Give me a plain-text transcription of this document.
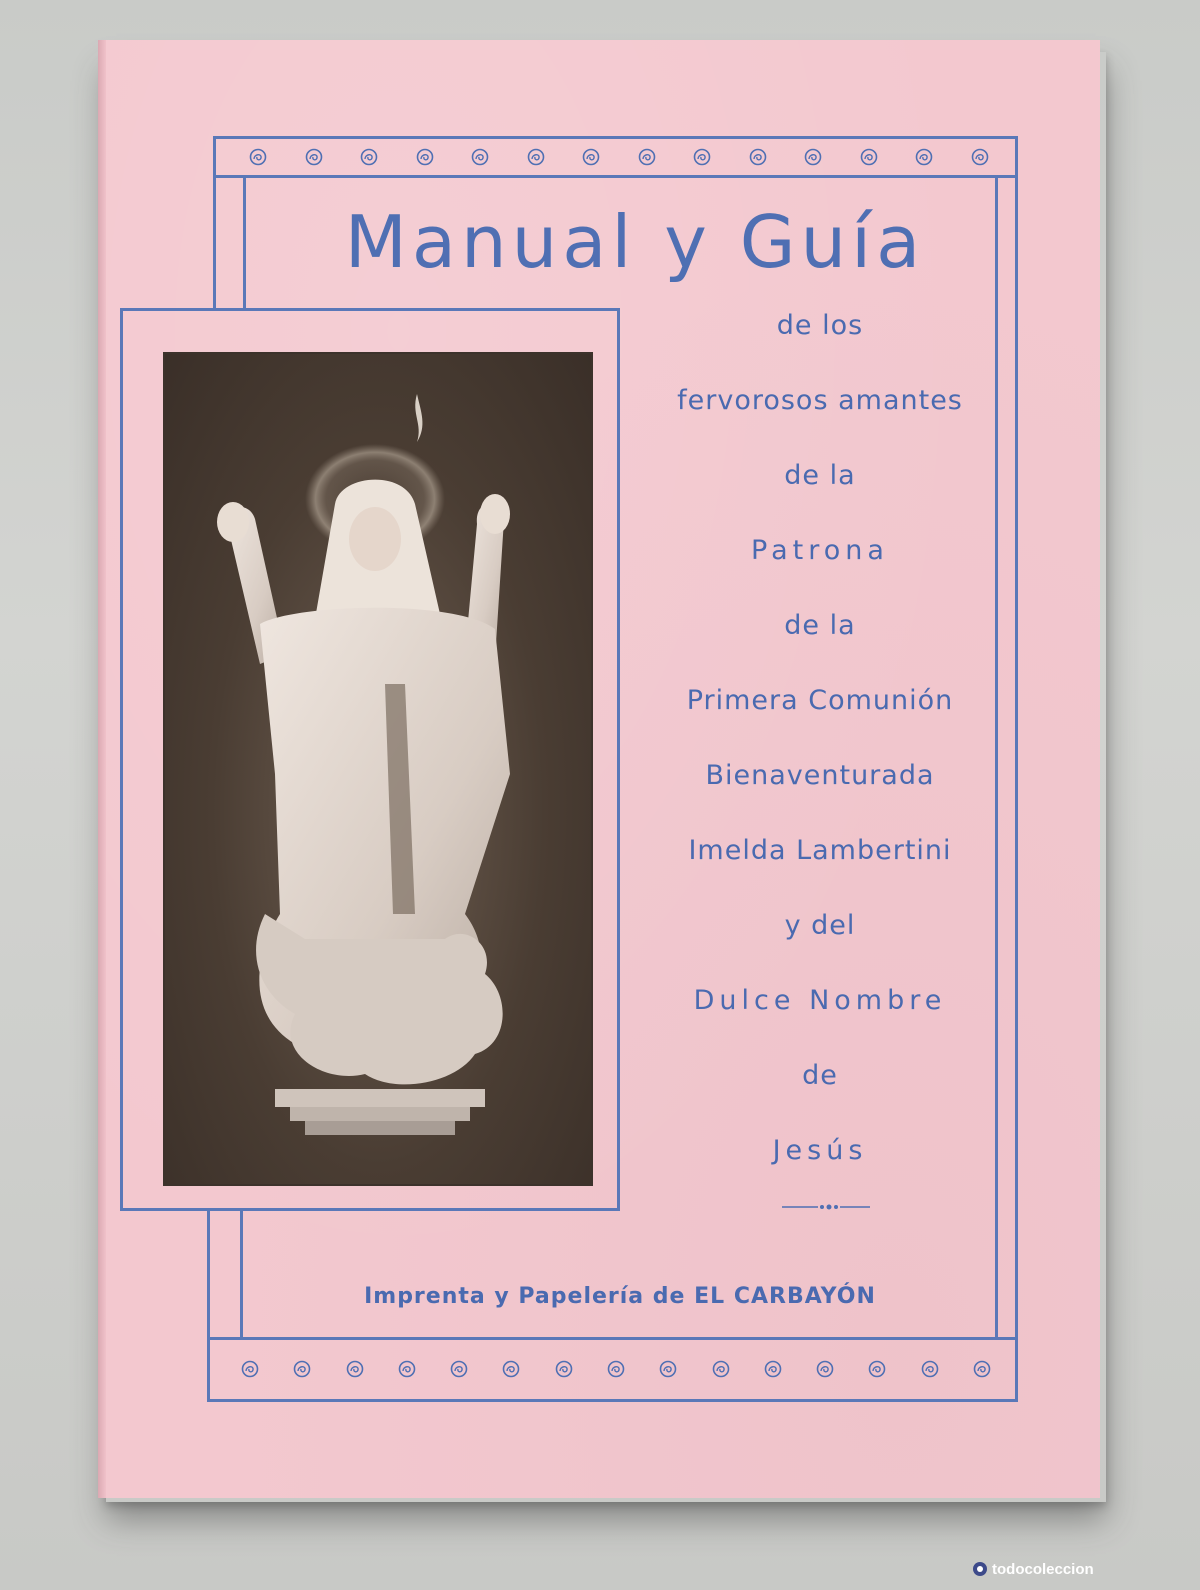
Manual y Guía

de los

fervorosos amantes

de la

Patrona

de la

Primera Comunión

Bienaventurada

Imelda Lambertini

y del

Dulce Nombre

de

Jesús

Imprenta y Papelería de EL CARBAYÓN
todocoleccion
